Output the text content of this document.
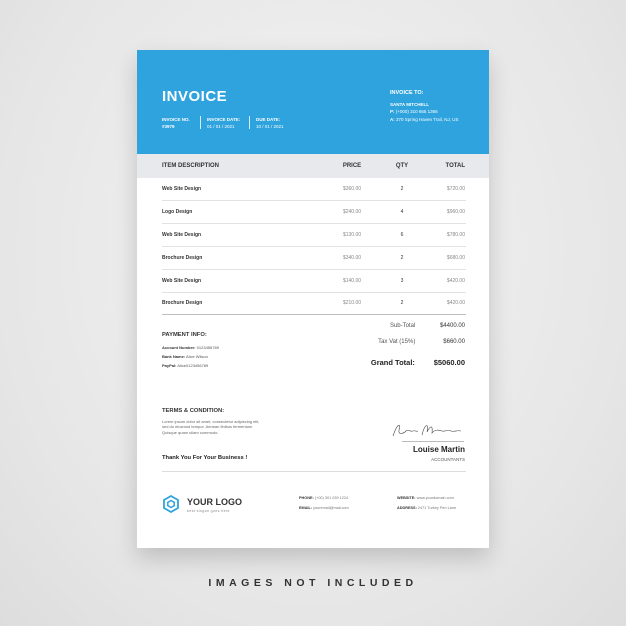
INVOICE
INVOICE NO.
#3979
INVOICE DATE:
01 / 01 / 2021
DUE DATE:
10 / 01 / 2021
INVOICE TO:
SANTA MITCHELL
P: (+000) 310 665 1366
A: 370 Spring Haven Trail, NJ, US
ITEM DESCRIPTION	PRICE	QTY	TOTAL
Web Site Design	$360.00	2	$720.00
Logo Design	$240.00	4	$960.00
Web Site Design	$130.00	6	$780.00
Brochure Design	$340.00	2	$680.00
Web Site Design	$140.00	3	$420.00
Brochure Design	$210.00	2	$420.00
PAYMENT INFO:
Account Number: 0123456789
Bank Name: Alice Wilson
PayPal: Alice0123456789
Sub-Total	$4400.00
Tax Vat (15%)	$660.00
Grand Total:	$5060.00
TERMS & CONDITION:
Lorem ipsum dolor sit amet, consectetur adipiscing elit,
sed do eiusmod tempor. Aenean finibus fermentum
Quisque quam ullam commodo.
Thank You For Your Business !
Louise Martin
ACCOUNTANTS
YOUR LOGO
best slogan goes here
PHONE: (+00) 301 039 1224
EMAIL: youremail@mail.com
WEBSITE: www.yourdomain.com
ADDRESS: 2471 Turkey Pen Lane
IMAGES NOT INCLUDED
